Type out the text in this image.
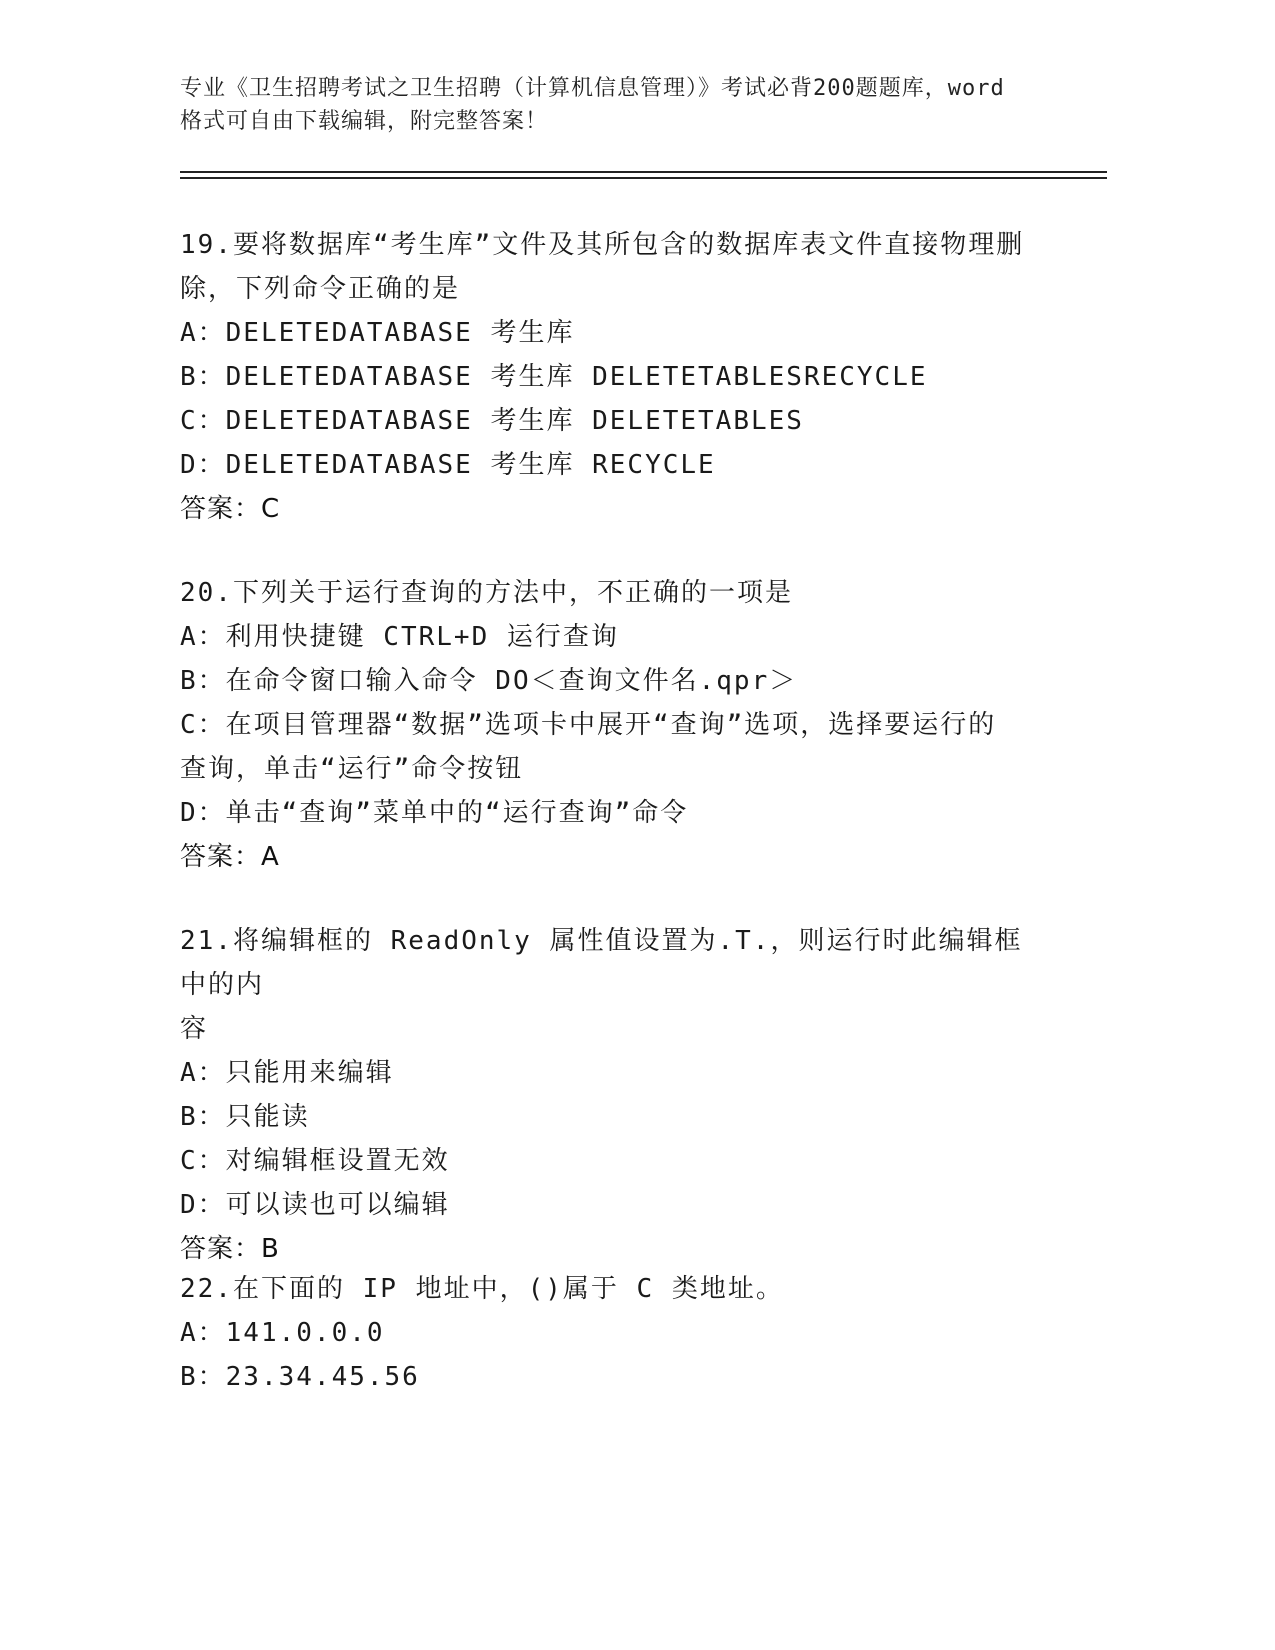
专业《卫生招聘考试之卫生招聘（计算机信息管理）》考试必背200题题库，word
格式可自由下载编辑，附完整答案！

19.要将数据库“考生库”文件及其所包含的数据库表文件直接物理删

除，下列命令正确的是

A：DELETEDATABASE 考生库

B：DELETEDATABASE 考生库 DELETETABLESRECYCLE

C：DELETEDATABASE 考生库 DELETETABLES

D：DELETEDATABASE 考生库 RECYCLE

答案：C

20.下列关于运行查询的方法中，不正确的一项是

A：利用快捷键 CTRL+D 运行查询

B：在命令窗口输入命令 DO＜查询文件名.qpr＞

C：在项目管理器“数据”选项卡中展开“查询”选项，选择要运行的

查询，单击“运行”命令按钮

D：单击“查询”菜单中的“运行查询”命令

答案：A

21.将编辑框的 ReadOnly 属性值设置为.T.，则运行时此编辑框中的内

容

A：只能用来编辑

B：只能读

C：对编辑框设置无效

D：可以读也可以编辑

答案：B

22.在下面的 IP 地址中，()属于 C 类地址。

A：141.0.0.0

B：23.34.45.56
